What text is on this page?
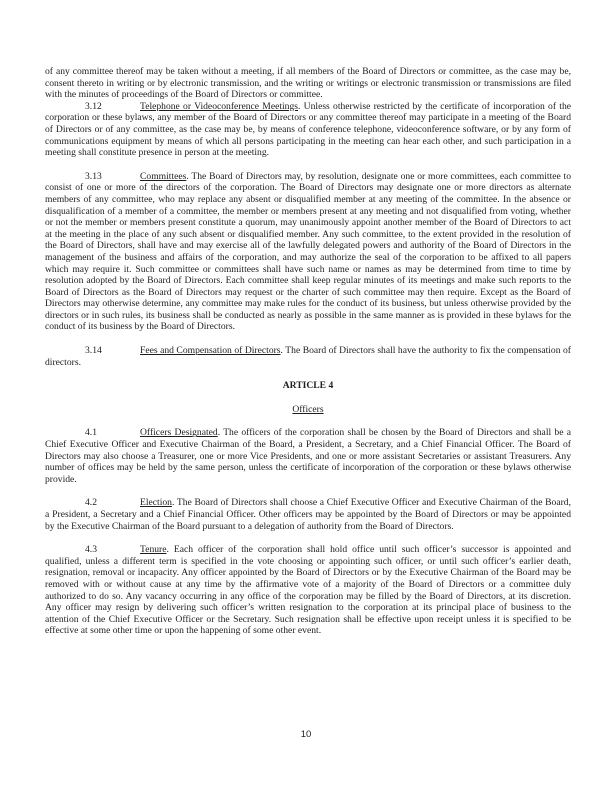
of any committee thereof may be taken without a meeting, if all members of the Board of Directors or committee, as the case may be, consent thereto in writing or by electronic transmission, and the writing or writings or electronic transmission or transmissions are filed with the minutes of proceedings of the Board of Directors or committee.

3.12	Telephone or Videoconference Meetings. Unless otherwise restricted by the certificate of incorporation of the corporation or these bylaws, any member of the Board of Directors or any committee thereof may participate in a meeting of the Board of Directors or of any committee, as the case may be, by means of conference telephone, videoconference software, or by any form of communications equipment by means of which all persons participating in the meeting can hear each other, and such participation in a meeting shall constitute presence in person at the meeting.

3.13	Committees. The Board of Directors may, by resolution, designate one or more committees, each committee to consist of one or more of the directors of the corporation. The Board of Directors may designate one or more directors as alternate members of any committee, who may replace any absent or disqualified member at any meeting of the committee. In the absence or disqualification of a member of a committee, the member or members present at any meeting and not disqualified from voting, whether or not the member or members present constitute a quorum, may unanimously appoint another member of the Board of Directors to act at the meeting in the place of any such absent or disqualified member. Any such committee, to the extent provided in the resolution of the Board of Directors, shall have and may exercise all of the lawfully delegated powers and authority of the Board of Directors in the management of the business and affairs of the corporation, and may authorize the seal of the corporation to be affixed to all papers which may require it. Such committee or committees shall have such name or names as may be determined from time to time by resolution adopted by the Board of Directors. Each committee shall keep regular minutes of its meetings and make such reports to the Board of Directors as the Board of Directors may request or the charter of such committee may then require. Except as the Board of Directors may otherwise determine, any committee may make rules for the conduct of its business, but unless otherwise provided by the directors or in such rules, its business shall be conducted as nearly as possible in the same manner as is provided in these bylaws for the conduct of its business by the Board of Directors.

3.14	Fees and Compensation of Directors. The Board of Directors shall have the authority to fix the compensation of directors.

ARTICLE 4

Officers

4.1	Officers Designated. The officers of the corporation shall be chosen by the Board of Directors and shall be a Chief Executive Officer and Executive Chairman of the Board, a President, a Secretary, and a Chief Financial Officer. The Board of Directors may also choose a Treasurer, one or more Vice Presidents, and one or more assistant Secretaries or assistant Treasurers. Any number of offices may be held by the same person, unless the certificate of incorporation of the corporation or these bylaws otherwise provide.

4.2	Election. The Board of Directors shall choose a Chief Executive Officer and Executive Chairman of the Board, a President, a Secretary and a Chief Financial Officer. Other officers may be appointed by the Board of Directors or may be appointed by the Executive Chairman of the Board pursuant to a delegation of authority from the Board of Directors.

4.3	Tenure. Each officer of the corporation shall hold office until such officer’s successor is appointed and qualified, unless a different term is specified in the vote choosing or appointing such officer, or until such officer’s earlier death, resignation, removal or incapacity. Any officer appointed by the Board of Directors or by the Executive Chairman of the Board may be removed with or without cause at any time by the affirmative vote of a majority of the Board of Directors or a committee duly authorized to do so. Any vacancy occurring in any office of the corporation may be filled by the Board of Directors, at its discretion. Any officer may resign by delivering such officer’s written resignation to the corporation at its principal place of business to the attention of the Chief Executive Officer or the Secretary. Such resignation shall be effective upon receipt unless it is specified to be effective at some other time or upon the happening of some other event.

10
